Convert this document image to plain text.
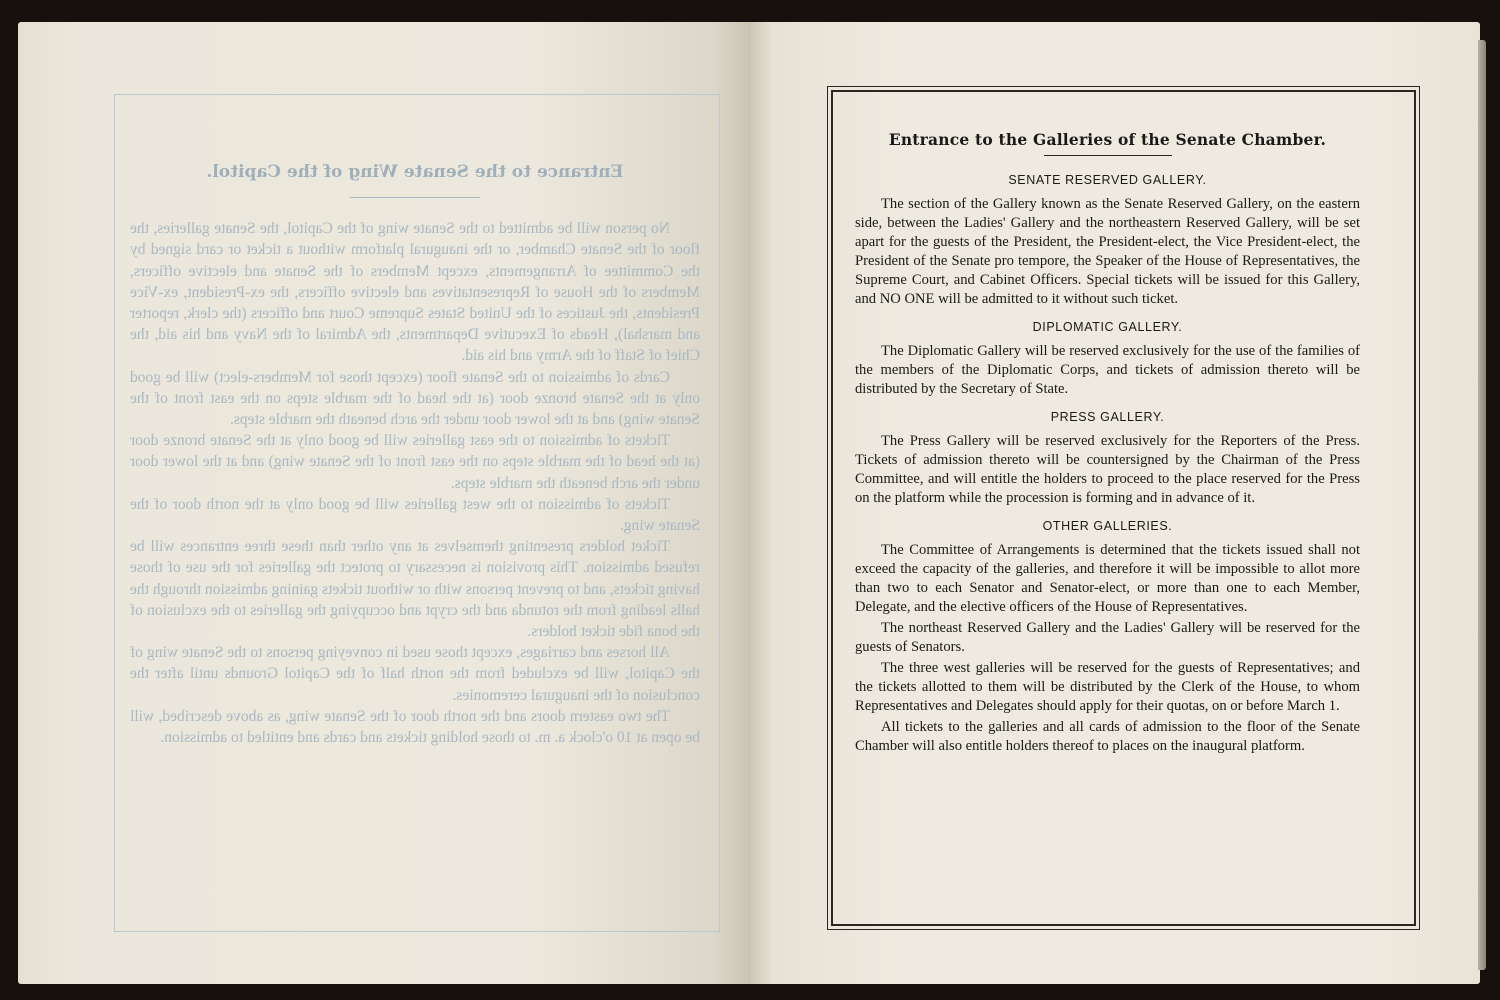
Entrance to the Senate Wing of the Capitol.

No person will be admitted to the Senate wing of the Capitol, the Senate galleries, the floor of the Senate Chamber, or the inaugural platform without a ticket or card signed by the Committee of Arrangements, except Members of the Senate and elective officers, Members of the House of Representatives and elective officers, the ex-President, ex-Vice Presidents, the Justices of the United States Supreme Court and officers (the clerk, reporter and marshal), Heads of Executive Departments, the Admiral of the Navy and his aid, the Chief of Staff of the Army and his aid.

Cards of admission to the Senate floor (except those for Members-elect) will be good only at the Senate bronze door (at the head of the marble steps on the east front of the Senate wing) and at the lower door under the arch beneath the marble steps.

Tickets of admission to the east galleries will be good only at the Senate bronze door (at the head of the marble steps on the east front of the Senate wing) and at the lower door under the arch beneath the marble steps.

Tickets of admission to the west galleries will be good only at the north door of the Senate wing.

Ticket holders presenting themselves at any other than these three entrances will be refused admission. This provision is necessary to protect the galleries for the use of those having tickets, and to prevent persons with or without tickets gaining admission through the halls leading from the rotunda and the crypt and occupying the galleries to the exclusion of the bona fide ticket holders.

All horses and carriages, except those used in conveying persons to the Senate wing of the Capitol, will be excluded from the north half of the Capitol Grounds until after the conclusion of the inaugural ceremonies.

The two eastern doors and the north door of the Senate wing, as above described, will be open at 10 o'clock a. m. to those holding tickets and cards and entitled to admission.

Entrance to the Galleries of the Senate Chamber.
SENATE RESERVED GALLERY.

The section of the Gallery known as the Senate Reserved Gallery, on the eastern side, between the Ladies' Gallery and the northeastern Reserved Gallery, will be set apart for the guests of the President, the President-elect, the Vice President-elect, the President of the Senate pro tempore, the Speaker of the House of Representatives, the Supreme Court, and Cabinet Officers. Special tickets will be issued for this Gallery, and NO ONE will be admitted to it without such ticket.

DIPLOMATIC GALLERY.

The Diplomatic Gallery will be reserved exclusively for the use of the families of the members of the Diplomatic Corps, and tickets of admission thereto will be distributed by the Secretary of State.

PRESS GALLERY.

The Press Gallery will be reserved exclusively for the Reporters of the Press. Tickets of admission thereto will be countersigned by the Chairman of the Press Committee, and will entitle the holders to proceed to the place reserved for the Press on the platform while the procession is forming and in advance of it.

OTHER GALLERIES.

The Committee of Arrangements is determined that the tickets issued shall not exceed the capacity of the galleries, and therefore it will be impossible to allot more than two to each Senator and Senator-elect, or more than one to each Member, Delegate, and the elective officers of the House of Representatives.

The northeast Reserved Gallery and the Ladies' Gallery will be reserved for the guests of Senators.

The three west galleries will be reserved for the guests of Representatives; and the tickets allotted to them will be distributed by the Clerk of the House, to whom Representatives and Delegates should apply for their quotas, on or before March 1.

All tickets to the galleries and all cards of admission to the floor of the Senate Chamber will also entitle holders thereof to places on the inaugural platform.
